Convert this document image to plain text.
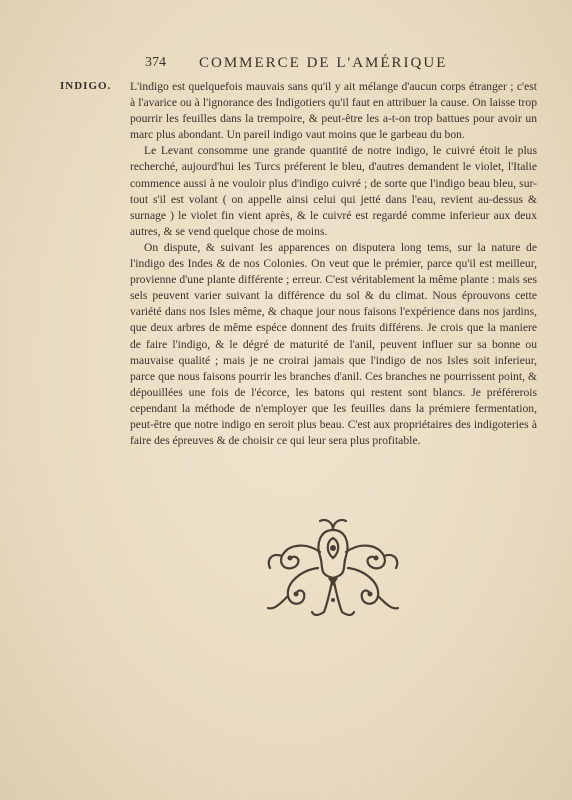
374 COMMERCE DE L'AMÉRIQUE
INDIGO. L'indigo est quelquefois mauvais sans qu'il y ait mélange d'aucun corps étranger ; c'est à l'avarice ou à l'ignorance des Indigotiers qu'il faut en attribuer la cause. On laisse trop pourrir les feuilles dans la trempoire, & peut-être les a-t-on trop battues pour avoir un marc plus abondant. Un pareil indigo vaut moins que le garbeau du bon.

Le Levant consomme une grande quantité de notre indigo, le cuivré étoit le plus recherché, aujourd'hui les Turcs préferent le bleu, d'autres demandent le violet, l'Italie commence aussi à ne vouloir plus d'indigo cuivré ; de sorte que l'indigo beau bleu, sur-tout s'il est volant ( on appelle ainsi celui qui jetté dans l'eau, revient au-dessus & surnage ) le violet fin vient après, & le cuivré est regardé comme inferieur aux deux autres, & se vend quelque chose de moins.

On dispute, & suivant les apparences on disputera long tems, sur la nature de l'indigo des Indes & de nos Colonies. On veut que le prémier, parce qu'il est meilleur, provienne d'une plante différente ; erreur. C'est véritablement la même plante : mais ses sels peuvent varier suivant la différence du sol & du climat. Nous éprouvons cette variété dans nos Isles même, & chaque jour nous faisons l'expérience dans nos jardins, que deux arbres de même espéce donnent des fruits différens. Je crois que la maniere de faire l'indigo, & le dégré de maturité de l'anil, peuvent influer sur sa bonne ou mauvaise qualité ; mais je ne croirai jamais que l'indigo de nos Isles soit inferieur, parce que nous faisons pourrir les branches d'anil. Ces branches ne pourrissent point, & dépouillées une fois de l'écorce, les batons qui restent sont blancs. Je préférerois cependant la méthode de n'employer que les feuilles dans la prémiere fermentation, peut-être que notre indigo en seroit plus beau. C'est aux propriétaires des indigoteries à faire des épreuves & de choisir ce qui leur sera plus profitable.
